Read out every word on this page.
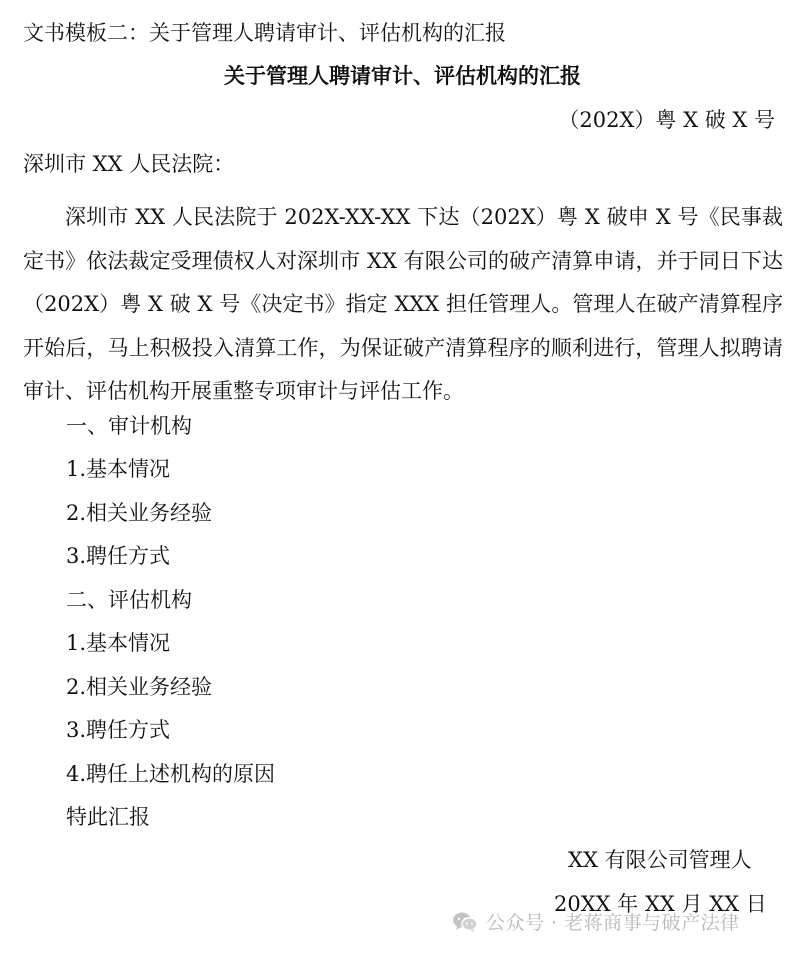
文书模板二：关于管理人聘请审计、评估机构的汇报
关于管理人聘请审计、评估机构的汇报
（202X）粤 X 破 X 号
深圳市 XX 人民法院：

深圳市 XX 人民法院于 202X-XX-XX 下达（202X）粤 X 破申 X 号《民事裁定书》依法裁定受理债权人对深圳市 XX 有限公司的破产清算申请，并于同日下达（202X）粤 X 破 X 号《决定书》指定 XXX 担任管理人。管理人在破产清算程序开始后，马上积极投入清算工作，为保证破产清算程序的顺利进行，管理人拟聘请审计、评估机构开展重整专项审计与评估工作。

一、审计机构
1.基本情况
2.相关业务经验
3.聘任方式
二、评估机构
1.基本情况
2.相关业务经验
3.聘任方式
4.聘任上述机构的原因
特此汇报
XX 有限公司管理人
20XX 年 XX 月 XX 日
公众号 · 老蒋商事与破产法律
